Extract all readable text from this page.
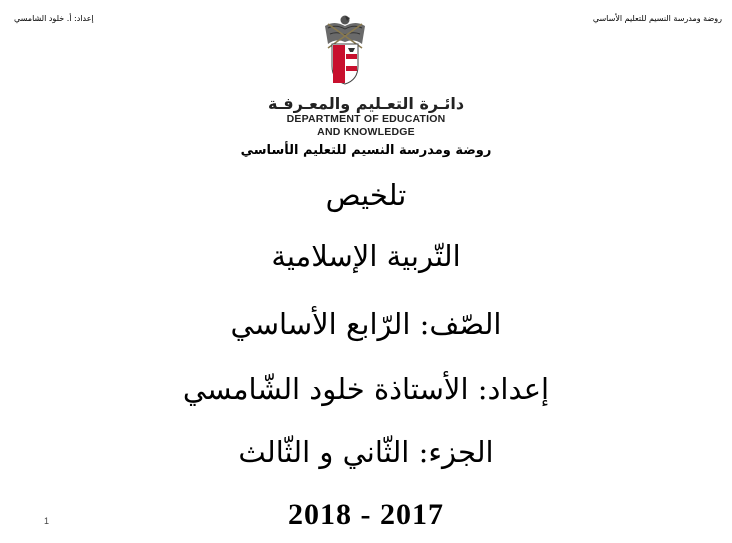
روضة ومدرسة النسيم للتعليم الأساسي
إعداد: أ. خلود الشامسي
دائـرة التعـليم والمعـرفـة
DEPARTMENT OF EDUCATION
AND KNOWLEDGE
روضة ومدرسة النسيم للتعليم الأساسي
تلخيص
التّربية الإسلامية
الصّف: الرّابع الأساسي
إعداد: الأستاذة خلود الشّامسي
الجزء: الثّاني و الثّالث
2018 - 2017
1
